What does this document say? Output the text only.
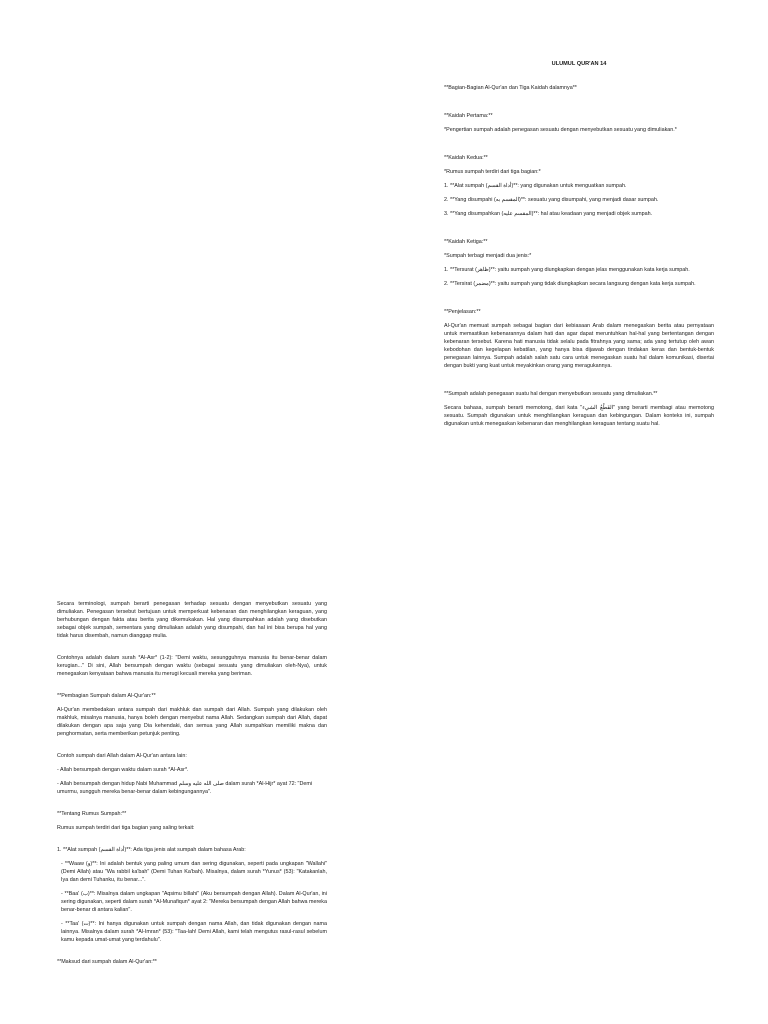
ULUMUL QUR'AN 14

**Bagian-Bagian Al-Qur'an dan Tiga Kaidah dalamnya**

**Kaidah Pertama:**

*Pengertian sumpah adalah penegasan sesuatu dengan menyebutkan sesuatu yang dimuliakan.*

**Kaidah Kedua:**

*Rumus sumpah terdiri dari tiga bagian:*

1. **Alat sumpah (أداة القسم)**: yang digunakan untuk menguatkan sumpah.

2. **Yang disumpahi (المقسم به)**: sesuatu yang disumpahi, yang menjadi dasar sumpah.

3. **Yang disumpahkan (المقسم عليه)**: hal atau keadaan yang menjadi objek sumpah.

**Kaidah Ketiga:**

*Sumpah terbagi menjadi dua jenis:*

1. **Tersurat (ظاهر)**: yaitu sumpah yang diungkapkan dengan jelas menggunakan kata kerja sumpah.

2. **Tersirat (مضمر)**: yaitu sumpah yang tidak diungkapkan secara langsung dengan kata kerja sumpah.

**Penjelasan:**

Al-Qur'an memuat sumpah sebagai bagian dari kebiasaan Arab dalam menegaskan berita atau pernyataan untuk memastikan kebenarannya dalam hati dan agar dapat meruntuhkan hal-hal yang bertentangan dengan kebenaran tersebut. Karena hati manusia tidak selalu pada fitrahnya yang sama; ada yang tertutup oleh awan kebodohan dan kegelapan kebatilan, yang hanya bisa dijawab dengan tindakan keras dan bentuk-bentuk penegasan lainnya. Sumpah adalah salah satu cara untuk menegaskan suatu hal dalam komunikasi, disertai dengan bukti yang kuat untuk meyakinkan orang yang meragukannya.

**Sumpah adalah penegasan suatu hal dengan menyebutkan sesuatu yang dimuliakan.**

Secara bahasa, sumpah berarti memotong, dari kata "القَطْعُ الشيء" yang berarti membagi atau memotong sesuatu. Sumpah digunakan untuk menghilangkan keraguan dan kebingungan. Dalam konteks ini, sumpah digunakan untuk menegaskan kebenaran dan menghilangkan keraguan tentang suatu hal.

Secara terminologi, sumpah berarti penegasan terhadap sesuatu dengan menyebutkan sesuatu yang dimuliakan. Penegasan tersebut bertujuan untuk memperkuat kebenaran dan menghilangkan keraguan, yang berhubungan dengan fakta atau berita yang dikemukakan. Hal yang disumpahkan adalah yang disebutkan sebagai objek sumpah, sementara yang dimuliakan adalah yang disumpahi, dan hal ini bisa berupa hal yang tidak harus disembah, namun dianggap mulia.

Contohnya adalah dalam surah *Al-Asr* (1-2): "Demi waktu, sesungguhnya manusia itu benar-benar dalam kerugian..." Di sini, Allah bersumpah dengan waktu (sebagai sesuatu yang dimuliakan oleh-Nya), untuk menegaskan kenyataan bahwa manusia itu merugi kecuali mereka yang beriman.

**Pembagian Sumpah dalam Al-Qur'an:**

Al-Qur'an membedakan antara sumpah dari makhluk dan sumpah dari Allah. Sumpah yang dilakukan oleh makhluk, misalnya manusia, hanya boleh dengan menyebut nama Allah. Sedangkan sumpah dari Allah, dapat dilakukan dengan apa saja yang Dia kehendaki, dan semua yang Allah sumpahkan memiliki makna dan penghormatan, serta memberikan petunjuk penting.

Contoh sumpah dari Allah dalam Al-Qur'an antara lain:

- Allah bersumpah dengan waktu dalam surah *Al-Asr*.

- Allah bersumpah dengan hidup Nabi Muhammad صلى الله عليه وسلم dalam surah *Al-Hijr* ayat 72: "Demi umurmu, sungguh mereka benar-benar dalam kebingungannya".

**Tentang Rumus Sumpah:**

Rumus sumpah terdiri dari tiga bagian yang saling terkait:

1. **Alat sumpah (أداة القسم)**: Ada tiga jenis alat sumpah dalam bahasa Arab:

- **Waaw (و)**: Ini adalah bentuk yang paling umum dan sering digunakan, seperti pada ungkapan "Wallahi" (Demi Allah) atau "Wa rabbil ka'bah" (Demi Tuhan Ka'bah). Misalnya, dalam surah *Yunus* (53): "Katakanlah, Iya dan demi Tuhanku, itu benar...".

- **Baa' (ب)**: Misalnya dalam ungkapan "Aqsimu billahi" (Aku bersumpah dengan Allah). Dalam Al-Qur'an, ini sering digunakan, seperti dalam surah *Al-Munafiqun* ayat 2: "Mereka bersumpah dengan Allah bahwa mereka benar-benar di antara kalian".

- **Taa' (ت)**: Ini hanya digunakan untuk sumpah dengan nama Allah, dan tidak digunakan dengan nama lainnya. Misalnya dalam surah *Al-Imran* (53): "Taa-lah! Demi Allah, kami telah mengutus rasul-rasul sebelum kamu kepada umat-umat yang terdahulu".

**Maksud dari sumpah dalam Al-Qur'an:**
